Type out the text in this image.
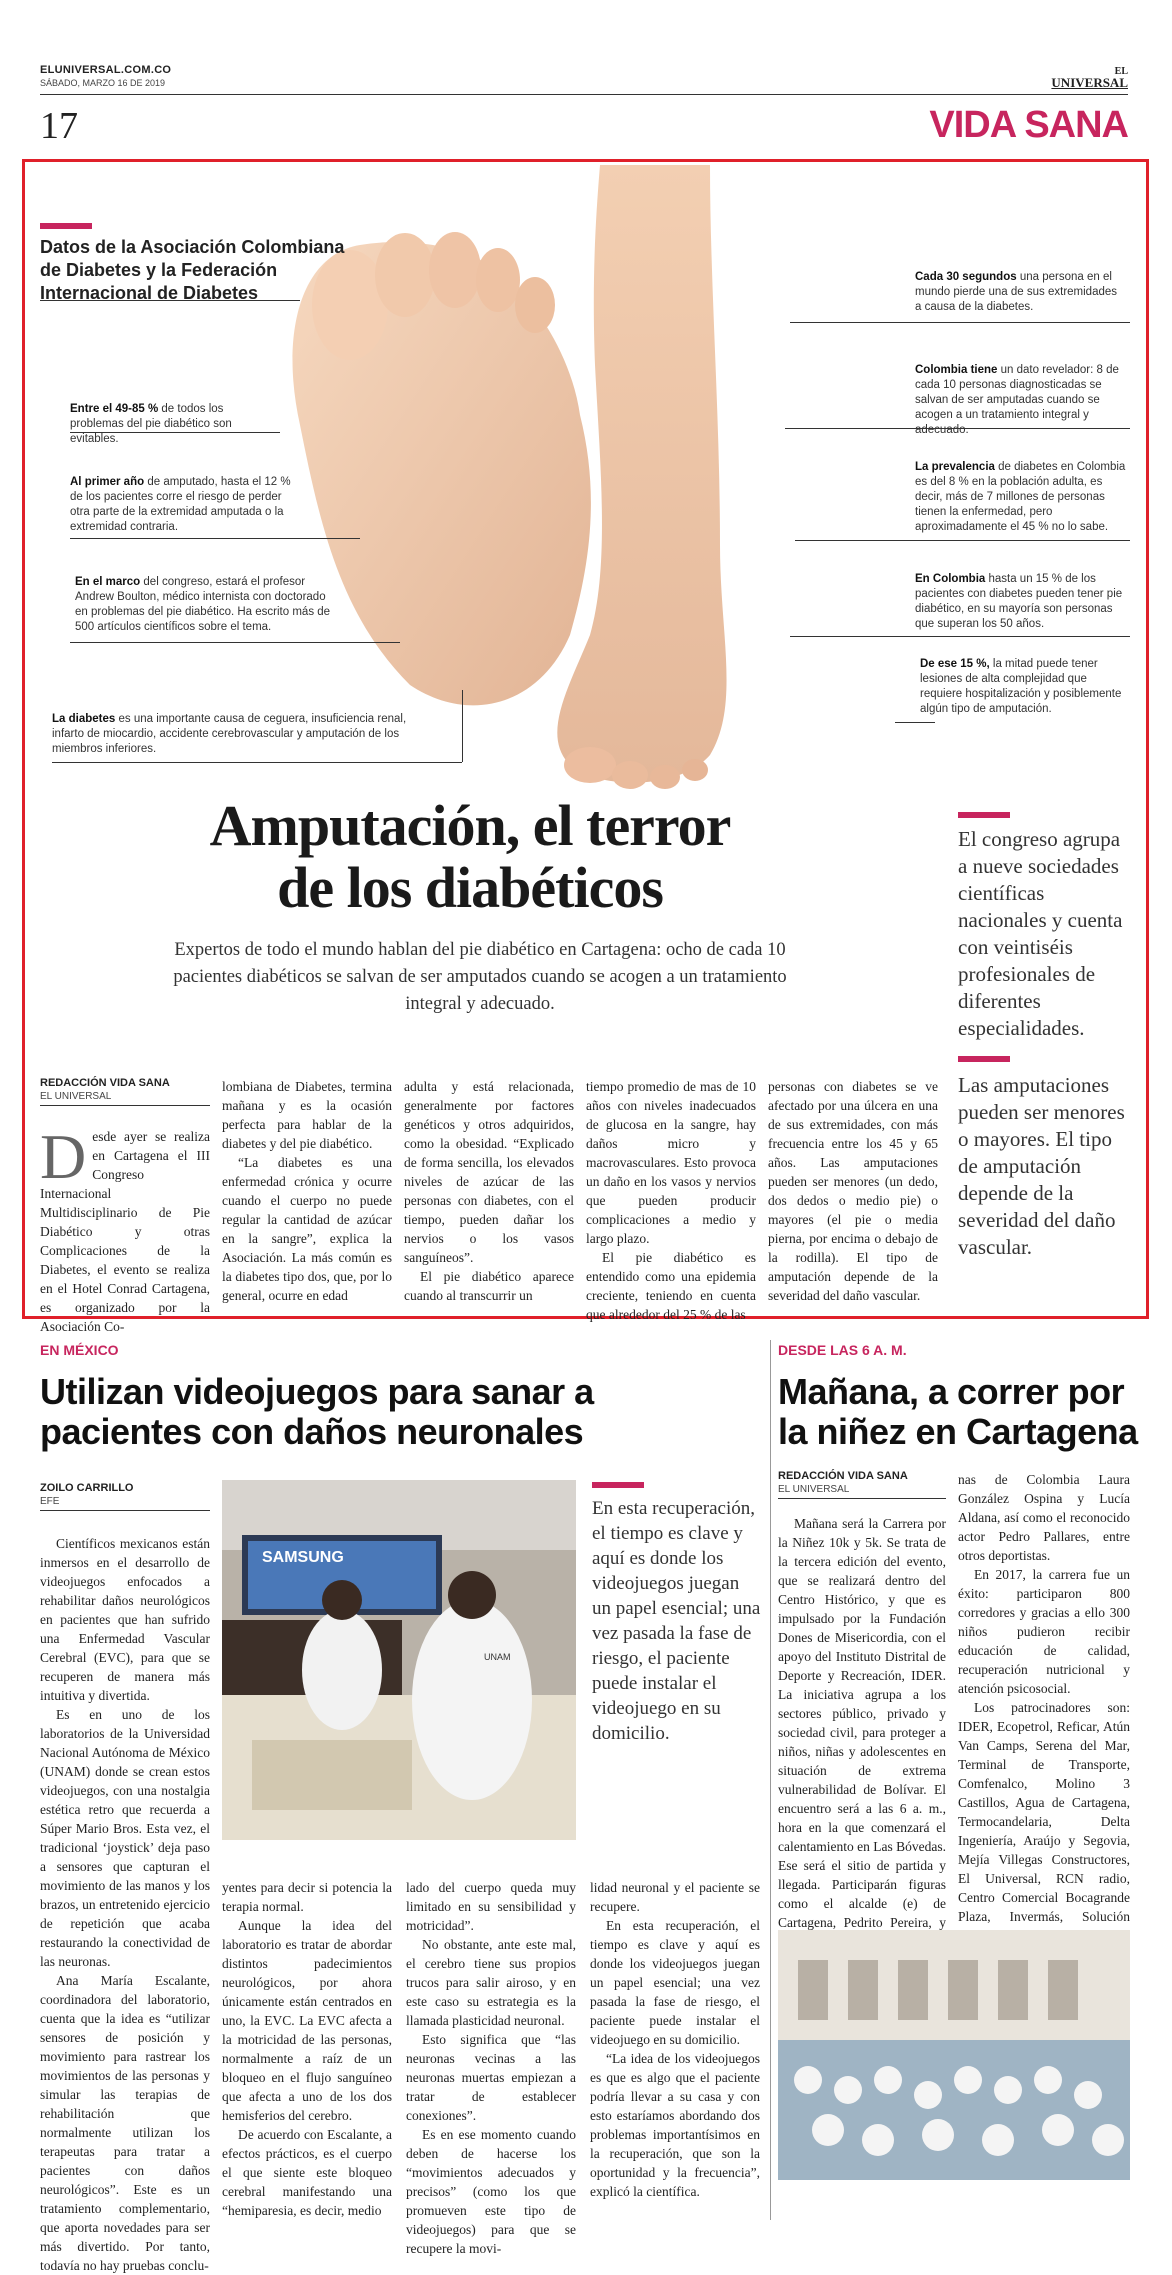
ELUNIVERSAL.COM.CO
SÁBADO, MARZO 16 DE 2019
EL
UNIVERSAL
17	VIDA SANA
Datos de la Asociación Colombiana de Diabetes y la Federación Internacional de Diabetes
Entre el 49-85 % de todos los problemas del pie diabético son evitables.
Al primer año de amputado, hasta el 12 % de los pacientes corre el riesgo de perder otra parte de la extremidad amputada o la extremidad contraria.
En el marco del congreso, estará el profesor Andrew Boulton, médico internista con doctorado en problemas del pie diabético. Ha escrito más de 500 artículos científicos sobre el tema.
La diabetes es una importante causa de ceguera, insuficiencia renal, infarto de miocardio, accidente cerebrovascular y amputación de los miembros inferiores.
Cada 30 segundos una persona en el mundo pierde una de sus extremidades a causa de la diabetes.
Colombia tiene un dato revelador: 8 de cada 10 personas diagnosticadas se salvan de ser amputadas cuando se acogen a un tratamiento integral y adecuado.
La prevalencia de diabetes en Colombia es del 8 % en la población adulta, es decir, más de 7 millones de personas tienen la enfermedad, pero aproximadamente el 45 % no lo sabe.
En Colombia hasta un 15 % de los pacientes con diabetes pueden tener pie diabético, en su mayoría son personas que superan los 50 años.
De ese 15 %, la mitad puede tener lesiones de alta complejidad que requiere hospitalización y posiblemente algún tipo de amputación.
Amputación, el terror
de los diabéticos
Expertos de todo el mundo hablan del pie diabético en Cartagena: ocho de cada 10 pacientes diabéticos se salvan de ser amputados cuando se acogen a un tratamiento integral y adecuado.
El congreso agrupa a nueve sociedades científicas nacionales y cuenta con veintiséis profesionales de diferentes especialidades.
Las amputaciones pueden ser menores o mayores. El tipo de amputación depende de la severidad del daño vascular.
REDACCIÓN VIDA SANA
EL UNIVERSAL
Desde ayer se realiza en Cartagena el III Congreso Internacional Multidisciplinario de Pie Diabético y otras Complicaciones de la Diabetes, el evento se realiza en el Hotel Conrad Cartagena, es organizado por la Asociación Co-

lombiana de Diabetes, termina mañana y es la ocasión perfecta para hablar de la diabetes y del pie diabético.

“La diabetes es una enfermedad crónica y ocurre cuando el cuerpo no puede regular la cantidad de azúcar en la sangre”, explica la Asociación. La más común es la diabetes tipo dos, que, por lo general, ocurre en edad

adulta y está relacionada, generalmente por factores genéticos y otros adquiridos, como la obesidad. “Explicado de forma sencilla, los elevados niveles de azúcar de las personas con diabetes, con el tiempo, pueden dañar los nervios o los vasos sanguíneos”.

El pie diabético aparece cuando al transcurrir un

tiempo promedio de mas de 10 años con niveles inadecuados de glucosa en la sangre, hay daños micro y macrovasculares. Esto provoca un daño en los vasos y nervios que pueden producir complicaciones a medio y largo plazo.

El pie diabético es entendido como una epidemia creciente, teniendo en cuenta que alrededor del 25 % de las

personas con diabetes se ve afectado por una úlcera en una de sus extremidades, con más frecuencia entre los 45 y 65 años. Las amputaciones pueden ser menores (un dedo, dos dedos o medio pie) o mayores (el pie o media pierna, por encima o debajo de la rodilla). El tipo de amputación depende de la severidad del daño vascular.

EN MÉXICO
Utilizan videojuegos para sanar a pacientes con daños neuronales
ZOILO CARRILLO
EFE
SAMSUNG
UNAM
En esta recuperación, el tiempo es clave y aquí es donde los videojuegos juegan un papel esencial; una vez pasada la fase de riesgo, el paciente puede instalar el videojuego en su domicilio.

Científicos mexicanos están inmersos en el desarrollo de videojuegos enfocados a rehabilitar daños neurológicos en pacientes que han sufrido una Enfermedad Vascular Cerebral (EVC), para que se recuperen de manera más intuitiva y divertida.

Es en uno de los laboratorios de la Universidad Nacional Autónoma de México (UNAM) donde se crean estos videojuegos, con una nostalgia estética retro que recuerda a Súper Mario Bros. Esta vez, el tradicional ‘joystick’ deja paso a sensores que capturan el movimiento de las manos y los brazos, un entretenido ejercicio de repetición que acaba restaurando la conectividad de las neuronas.

Ana María Escalante, coordinadora del laboratorio, cuenta que la idea es “utilizar sensores de posición y movimiento para rastrear los movimientos de las personas y simular las terapias de rehabilitación que normalmente utilizan los terapeutas para tratar a pacientes con daños neurológicos”. Este es un tratamiento complementario, que aporta novedades para ser más divertido. Por tanto, todavía no hay pruebas conclu-

yentes para decir si potencia la terapia normal.

Aunque la idea del laboratorio es tratar de abordar distintos padecimientos neurológicos, por ahora únicamente están centrados en uno, la EVC. La EVC afecta a la motricidad de las personas, normalmente a raíz de un bloqueo en el flujo sanguíneo que afecta a uno de los dos hemisferios del cerebro.

De acuerdo con Escalante, a efectos prácticos, es el cuerpo el que siente este bloqueo cerebral manifestando una “hemiparesia, es decir, medio

lado del cuerpo queda muy limitado en su sensibilidad y motricidad”.

No obstante, ante este mal, el cerebro tiene sus propios trucos para salir airoso, y en este caso su estrategia es la llamada plasticidad neuronal.

Esto significa que “las neuronas vecinas a las neuronas muertas empiezan a tratar de establecer conexiones”.

Es en ese momento cuando deben de hacerse los “movimientos adecuados y precisos” (como los que promueven este tipo de videojuegos) para que se recupere la movi-

lidad neuronal y el paciente se recupere.

En esta recuperación, el tiempo es clave y aquí es donde los videojuegos juegan un papel esencial; una vez pasada la fase de riesgo, el paciente puede instalar el videojuego en su domicilio.

“La idea de los videojuegos es que es algo que el paciente podría llevar a su casa y con esto estaríamos abordando dos problemas importantísimos en la recuperación, que son la oportunidad y la frecuencia”, explicó la científica.

DESDE LAS 6 A. M.
Mañana, a correr por la niñez en Cartagena
REDACCIÓN VIDA SANA
EL UNIVERSAL

Mañana será la Carrera por la Niñez 10k y 5k. Se trata de la tercera edición del evento, que se realizará dentro del Centro Histórico, y que es impulsado por la Fundación Dones de Misericordia, con el apoyo del Instituto Distrital de Deporte y Recreación, IDER. La iniciativa agrupa a los sectores público, privado y sociedad civil, para proteger a niños, niñas y adolescentes en situación de extrema vulnerabilidad de Bolívar. El encuentro será a las 6 a. m., hora en la que comenzará el calentamiento en Las Bóvedas. Ese será el sitio de partida y llegada. Participarán figuras como el alcalde (e) de Cartagena, Pedrito Pereira, y

nas de Colombia Laura González Ospina y Lucía Aldana, así como el reconocido actor Pedro Pallares, entre otros deportistas.

En 2017, la carrera fue un éxito: participaron 800 corredores y gracias a ello 300 niños pudieron recibir educación de calidad, recuperación nutricional y atención psicosocial.

Los patrocinadores son: IDER, Ecopetrol, Reficar, Atún Van Camps, Serena del Mar, Terminal de Transporte, Comfenalco, Molino 3 Castillos, Agua de Cartagena, Termocandelaria, Delta Ingeniería, Araújo y Segovia, Mejía Villegas Constructores, El Universal, RCN radio, Centro Comercial Bocagrande Plaza, Invermás, Solución
